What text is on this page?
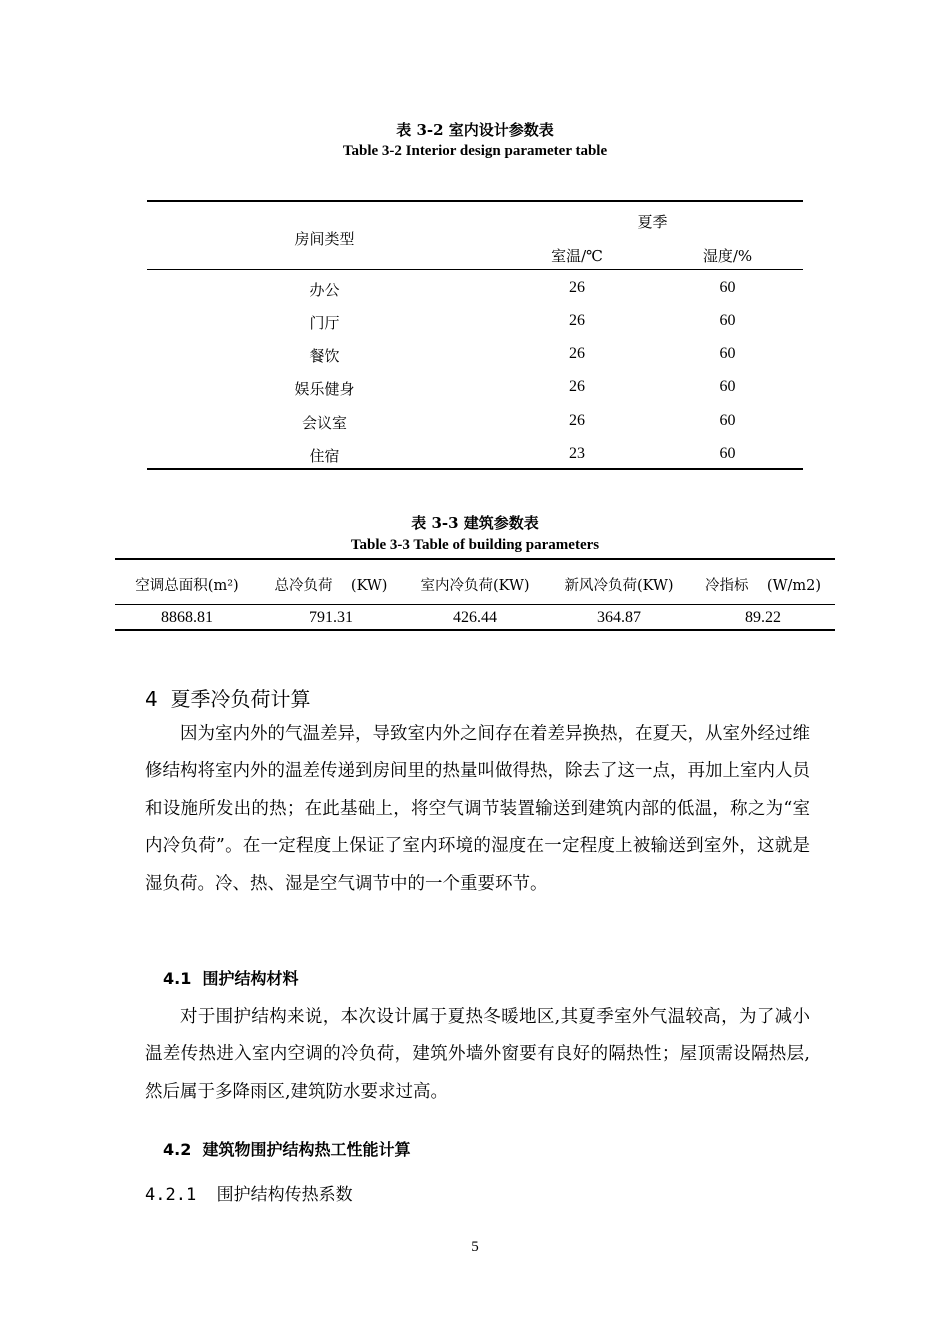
表 3-2 室内设计参数表
Table 3-2 Interior design parameter table
房间类型
夏季
室温/℃	湿度/%
办公	26	60
门厅	26	60
餐饮	26	60
娱乐健身	26	60
会议室	26	60
住宿	23	60
表 3-3 建筑参数表
Table 3-3 Table of building parameters
空调总面积(m²)	总冷负荷    (KW)	室内冷负荷(KW)	新风冷负荷(KW)	冷指标    (W/m2)
8868.81	791.31	426.44	364.87	89.22
4  夏季冷负荷计算
因为室内外的气温差异，导致室内外之间存在着差异换热，在夏天，从室外经过维修结构将室内外的温差传递到房间里的热量叫做得热，除去了这一点，再加上室内人员和设施所发出的热；在此基础上，将空气调节装置输送到建筑内部的低温，称之为“室内冷负荷”。在一定程度上保证了室内环境的湿度在一定程度上被输送到室外，这就是湿负荷。冷、热、湿是空气调节中的一个重要环节。
4.1  围护结构材料
对于围护结构来说，本次设计属于夏热冬暖地区,其夏季室外气温较高，为了减小温差传热进入室内空调的冷负荷，建筑外墙外窗要有良好的隔热性；屋顶需设隔热层,然后属于多降雨区,建筑防水要求过高。
4.2  建筑物围护结构热工性能计算
4.2.1  围护结构传热系数
5
